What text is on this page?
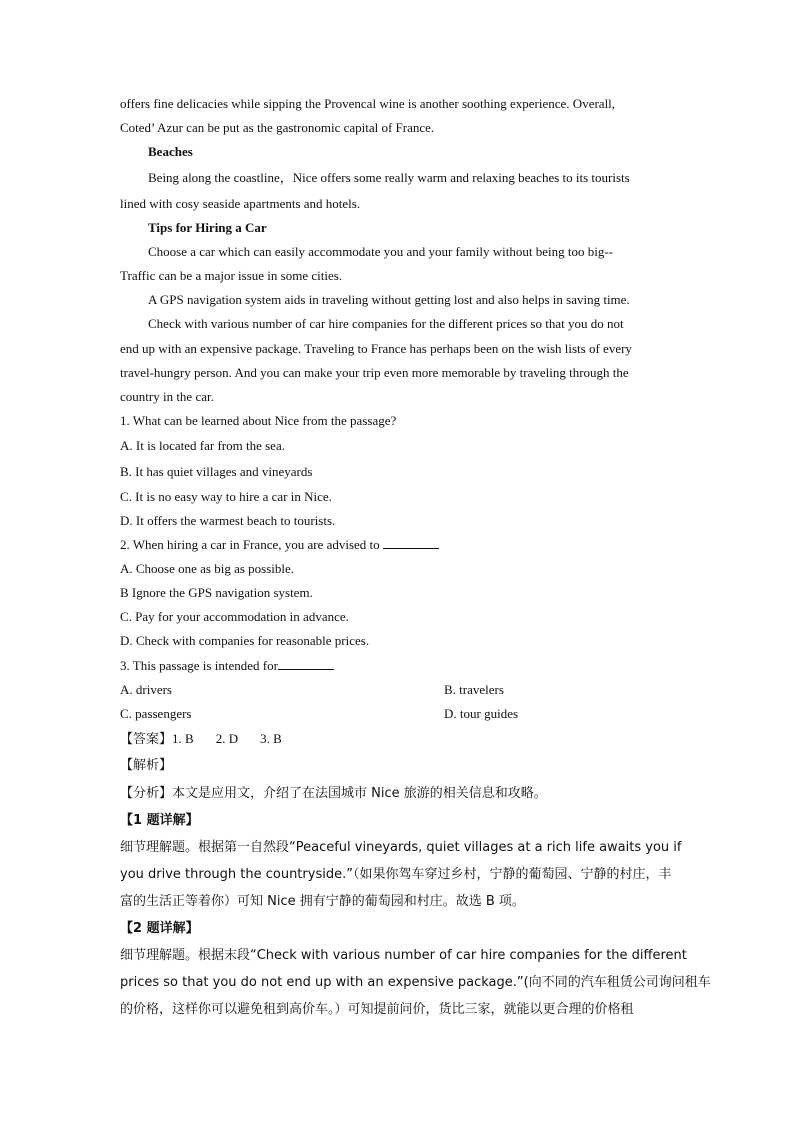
offers fine delicacies while sipping the Provencal wine is another soothing experience. Overall,
Coted’ Azur can be put as the gastronomic capital of France.
Beaches
Being along the coastline，Nice offers some really warm and relaxing beaches to its tourists
lined with cosy seaside apartments and hotels.
Tips for Hiring a Car
Choose a car which can easily accommodate you and your family without being too big--
Traffic can be a major issue in some cities.
A GPS navigation system aids in traveling without getting lost and also helps in saving time.
Check with various number of car hire companies for the different prices so that you do not
end up with an expensive package. Traveling to France has perhaps been on the wish lists of every
travel-hungry person. And you can make your trip even more memorable by traveling through the
country in the car.
1. What can be learned about Nice from the passage?
A. It is located far from the sea.
B. It has quiet villages and vineyards
C. It is no easy way to hire a car in Nice.
D. It offers the warmest beach to tourists.
2. When hiring a car in France, you are advised to
A. Choose one as big as possible.
B Ignore the GPS navigation system.
C. Pay for your accommodation in advance.
D. Check with companies for reasonable prices.
3. This passage is intended for
A. drivers	B. travelers
C. passengers	D. tour guides
【答案】1. B 2. D 3. B
【解析】
【分析】本文是应用文，介绍了在法国城市 Nice 旅游的相关信息和攻略。
【1 题详解】
细节理解题。根据第一自然段“Peaceful vineyards, quiet villages at a rich life awaits you if
you drive through the countryside.”（如果你驾车穿过乡村，宁静的葡萄园、宁静的村庄，丰
富的生活正等着你）可知 Nice 拥有宁静的葡萄园和村庄。故选 B 项。
【2 题详解】
细节理解题。根据末段“Check with various number of car hire companies for the different
prices so that you do not end up with an expensive package.”(向不同的汽车租赁公司询问租车
的价格，这样你可以避免租到高价车。）可知提前问价，货比三家，就能以更合理的价格租
